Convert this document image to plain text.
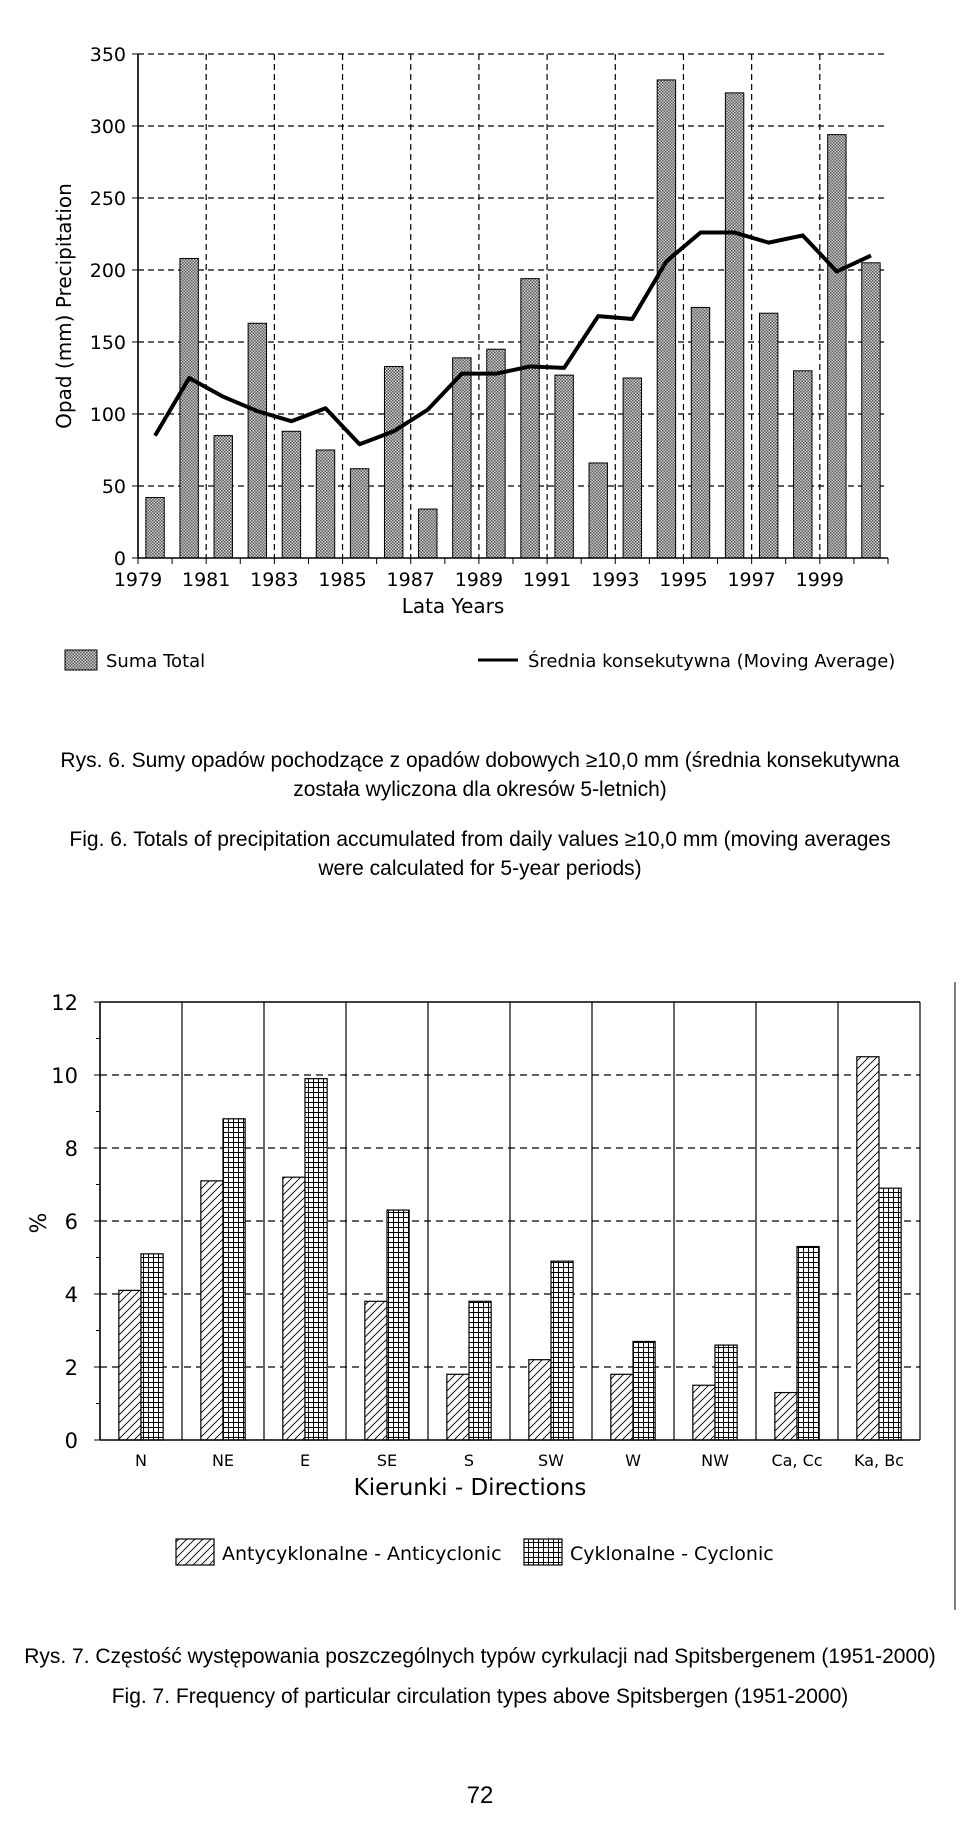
0
50
100
150
200
250
300
350
1979 1981 1983 1985 1987 1989 1991 1993 1995 1997 1999
Lata Years
Opad (mm) Precipitation
Suma Total	Średnia konsekutywna (Moving Average)
Rys. 6. Sumy opadów pochodzące z opadów dobowych ≥10,0 mm (średnia konsekutywna
została wyliczona dla okresów 5-letnich)
Fig. 6. Totals of precipitation accumulated from daily values ≥10,0 mm (moving averages
were calculated for 5-year periods)
0
2
4
6
8
10
12
N	NE	E	SE	S	SW	W	NW	Ca, Cc Ka, Bc
Kierunki - Directions
%
Antycyklonalne - Anticyclonic	Cyklonalne - Cyclonic
Rys. 7. Częstość występowania poszczególnych typów cyrkulacji nad Spitsbergenem (1951-2000)
Fig. 7. Frequency of particular circulation types above Spitsbergen (1951-2000)
72
